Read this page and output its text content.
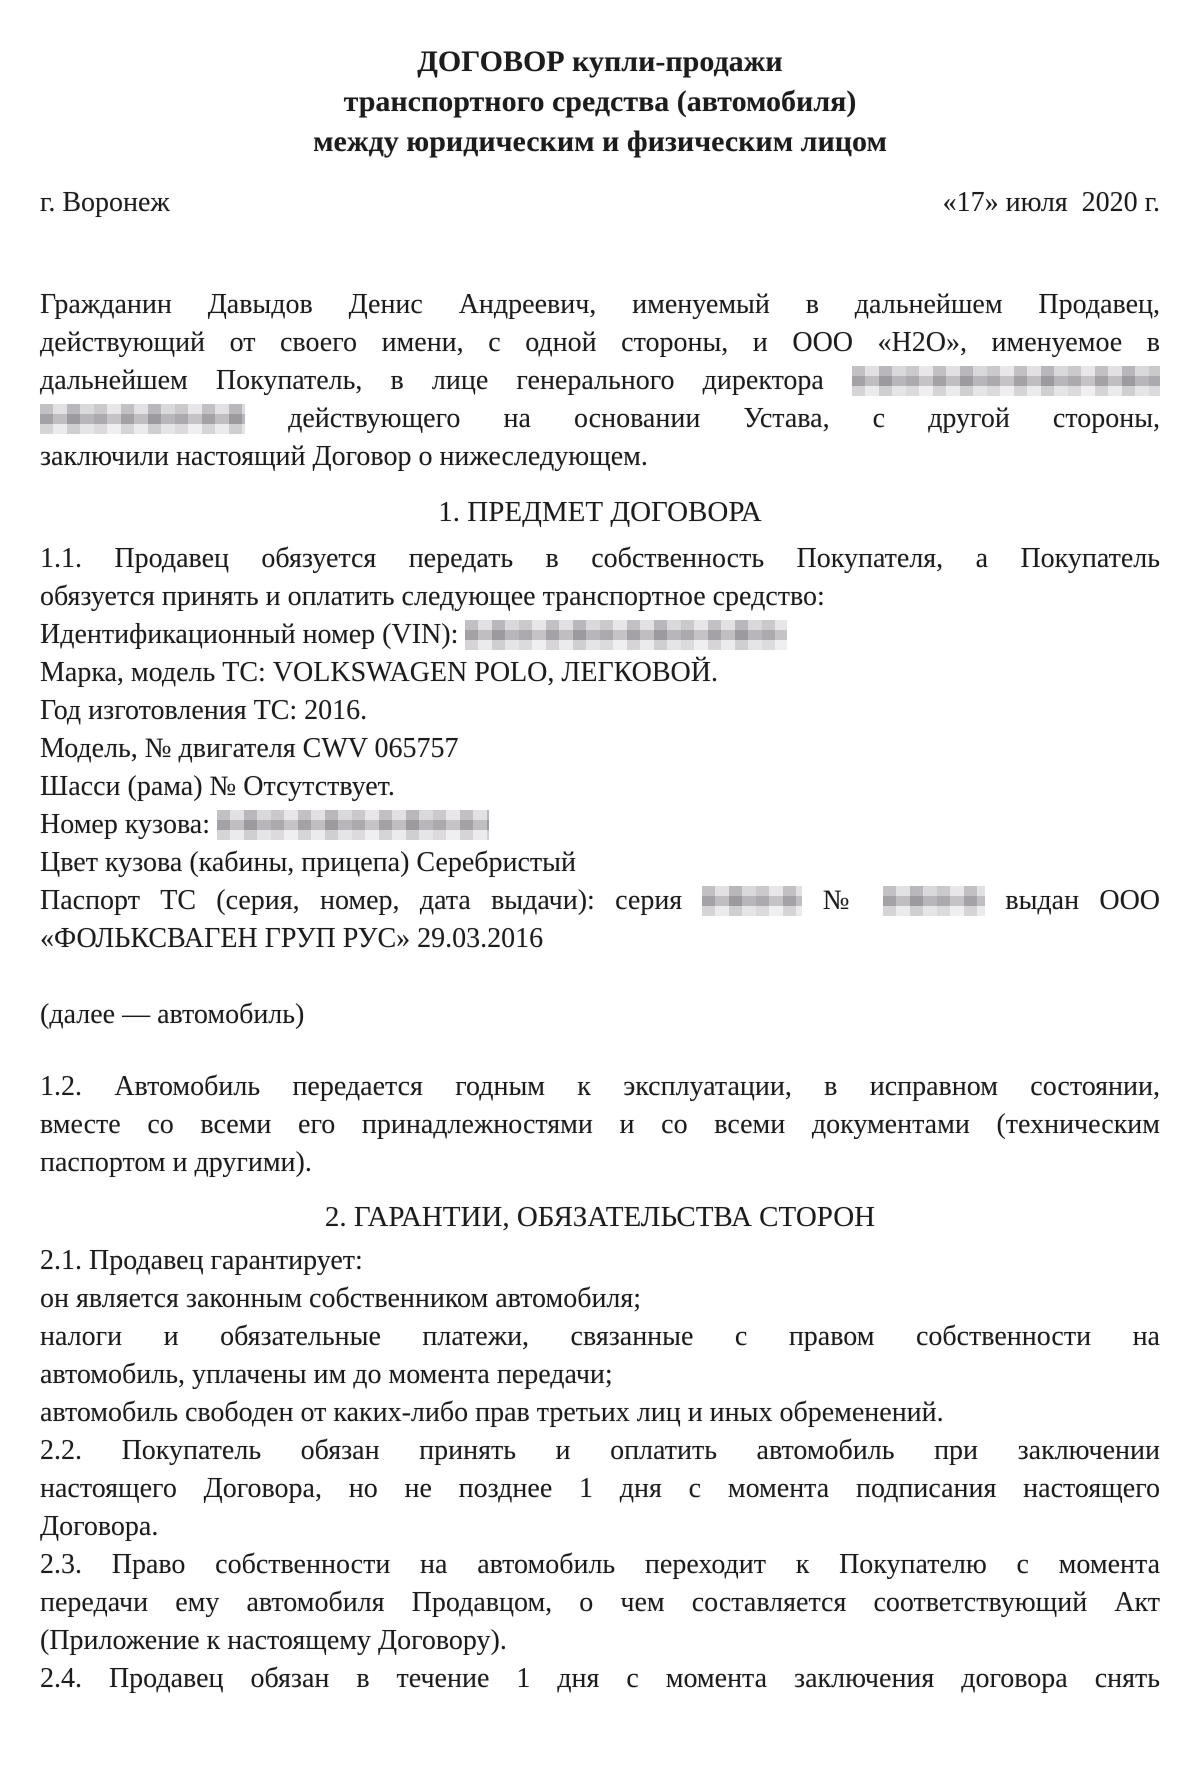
ДОГОВОР купли-продажи
транспортного средства (автомобиля)
между юридическим и физическим лицом
г. Воронеж	«17» июля  2020 г.
Гражданин Давыдов Денис Андреевич, именуемый в дальнейшем Продавец,
действующий от своего имени, с одной стороны, и ООО «Н2О», именуемое в
дальнейшем Покупатель, в лице генерального директора
действующего на основании Устава, с другой стороны,
заключили настоящий Договор о нижеследующем.
1. ПРЕДМЕТ ДОГОВОРА
1.1. Продавец обязуется передать в собственность Покупателя, а Покупатель
обязуется принять и оплатить следующее транспортное средство:
Идентификационный номер (VIN):
Марка, модель ТС: VOLKSWAGEN POLO, ЛЕГКОВОЙ.
Год изготовления ТС: 2016.
Модель, № двигателя CWV 065757
Шасси (рама) № Отсутствует.
Номер кузова:
Цвет кузова (кабины, прицепа) Серебристый
Паспорт ТС (серия, номер, дата выдачи): серия	№	выдан ООО
«ФОЛЬКСВАГЕН ГРУП РУС» 29.03.2016
(далее — автомобиль)
1.2. Автомобиль передается годным к эксплуатации, в исправном состоянии,
вместе со всеми его принадлежностями и со всеми документами (техническим
паспортом и другими).
2. ГАРАНТИИ, ОБЯЗАТЕЛЬСТВА СТОРОН
2.1. Продавец гарантирует:
он является законным собственником автомобиля;
налоги и обязательные платежи, связанные с правом собственности на
автомобиль, уплачены им до момента передачи;
автомобиль свободен от каких-либо прав третьих лиц и иных обременений.
2.2. Покупатель обязан принять и оплатить автомобиль при заключении
настоящего Договора, но не позднее 1 дня с момента подписания настоящего
Договора.
2.3. Право собственности на автомобиль переходит к Покупателю с момента
передачи ему автомобиля Продавцом, о чем составляется соответствующий Акт
(Приложение к настоящему Договору).
2.4. Продавец обязан в течение 1 дня с момента заключения договора снять
